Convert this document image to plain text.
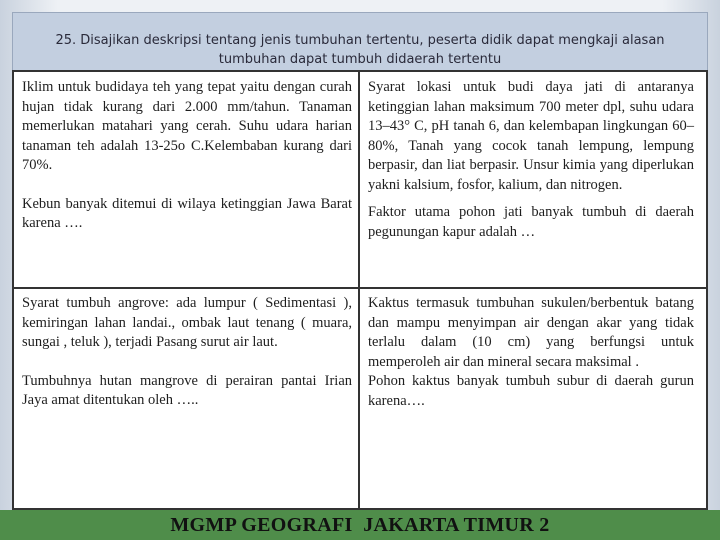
25. Disajikan deskripsi tentang jenis tumbuhan tertentu, peserta didik dapat mengkaji alasan tumbuhan dapat tumbuh didaerah tertentu

Iklim untuk budidaya teh yang tepat yaitu dengan curah hujan tidak kurang dari 2.000 mm/tahun. Tanaman memerlukan matahari yang cerah. Suhu udara harian tanaman teh adalah 13-25o C.Kelembaban kurang dari 70%.

Kebun banyak ditemui di wilaya ketinggian Jawa Barat karena ….

Syarat lokasi untuk budi daya jati di antaranya ketinggian lahan maksimum 700 meter dpl, suhu udara 13–43° C, pH tanah 6, dan kelembapan lingkungan 60–80%, Tanah yang cocok tanah lempung, lempung berpasir, dan liat berpasir. Unsur kimia yang diperlukan yakni kalsium, fosfor, kalium, dan nitrogen.

Faktor utama pohon jati banyak tumbuh di daerah pegunungan kapur adalah …

Syarat tumbuh angrove: ada lumpur ( Sedimentasi ), kemiringan lahan landai., ombak laut tenang ( muara, sungai , teluk ), terjadi Pasang surut air laut.

Tumbuhnya hutan mangrove di perairan pantai Irian Jaya amat ditentukan oleh …..

Kaktus termasuk tumbuhan sukulen/berbentuk batang dan mampu menyimpan air dengan akar yang tidak terlalu dalam (10 cm) yang berfungsi untuk memperoleh air dan mineral secara maksimal .

Pohon kaktus banyak tumbuh subur di daerah gurun karena….

MGMP GEOGRAFI  JAKARTA TIMUR 2
